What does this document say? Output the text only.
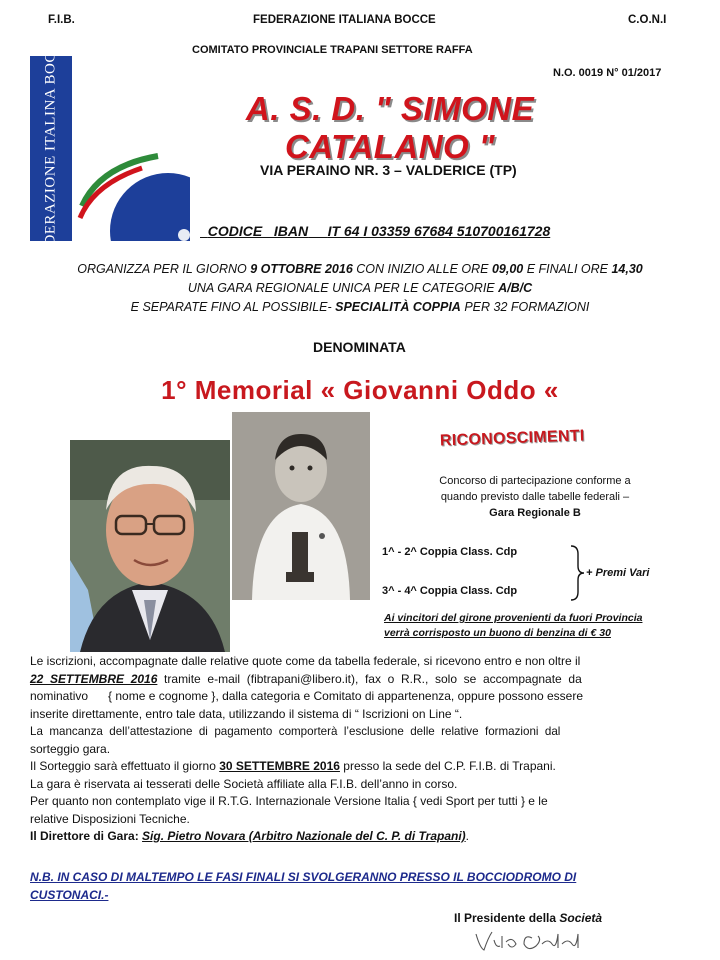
F.I.B.	FEDERAZIONE ITALIANA BOCCE	C.O.N.I
COMITATO PROVINCIALE TRAPANI SETTORE RAFFA
N.O. 0019 N° 01/2017
FEDERAZIONE ITALINA BOCCE	A. S. D. " SIMONE CATALANO "
VIA PERAINO NR. 3 – VALDERICE (TP)

CODICE   IBAN IT 64 I 03359 67684 510700161728

ORGANIZZA PER IL GIORNO 9 OTTOBRE 2016 CON INIZIO ALLE ORE 09,00 E FINALI ORE 14,30
UNA GARA REGIONALE UNICA PER LE CATEGORIE A/B/C
E SEPARATE FINO AL POSSIBILE- SPECIALITÀ COPPIA PER 32 FORMAZIONI
DENOMINATA
1° Memorial « Giovanni Oddo «
RICONOSCIMENTI
Concorso di partecipazione conforme a
quando previsto dalle tabelle federali –
Gara Regionale B
1^ - 2^ Coppia Class. Cdp
3^ - 4^ Coppia Class. Cdp
+ Premi Vari
Ai vincitori del girone provenienti da fuori Provincia
verrà corrisposto un buono di benzina di € 30

Le iscrizioni, accompagnate dalle relative quote come da tabella federale, si ricevono entro e non oltre il

22  SETTEMBRE  2016  tramite  e-mail  (fibtrapani@libero.it),  fax  o  R.R.,  solo  se  accompagnate  da

nominativo      { nome e cognome }, dalla categoria e Comitato di appartenenza, oppure possono essere

inserite direttamente, entro tale data, utilizzando il sistema di “ Iscrizioni on Line “.

La  mancanza  dell’attestazione  di  pagamento  comporterà  l’esclusione  delle  relative  formazioni  dal

sorteggio gara.

Il Sorteggio sarà effettuato il giorno 30 SETTEMBRE 2016 presso la sede del C.P. F.I.B. di Trapani.

La gara è riservata ai tesserati delle Società affiliate alla F.I.B. dell’anno in corso.

Per quanto non contemplato vige il R.T.G. Internazionale Versione Italia { vedi Sport per tutti } e le

relative Disposizioni Tecniche.

Il Direttore di Gara: Sig. Pietro Novara (Arbitro Nazionale del C. P. di Trapani).

N.B. IN CASO DI MALTEMPO LE FASI FINALI SI SVOLGERANNO PRESSO IL BOCCIODROMO DI
CUSTONACI.-
Il Presidente della Società
